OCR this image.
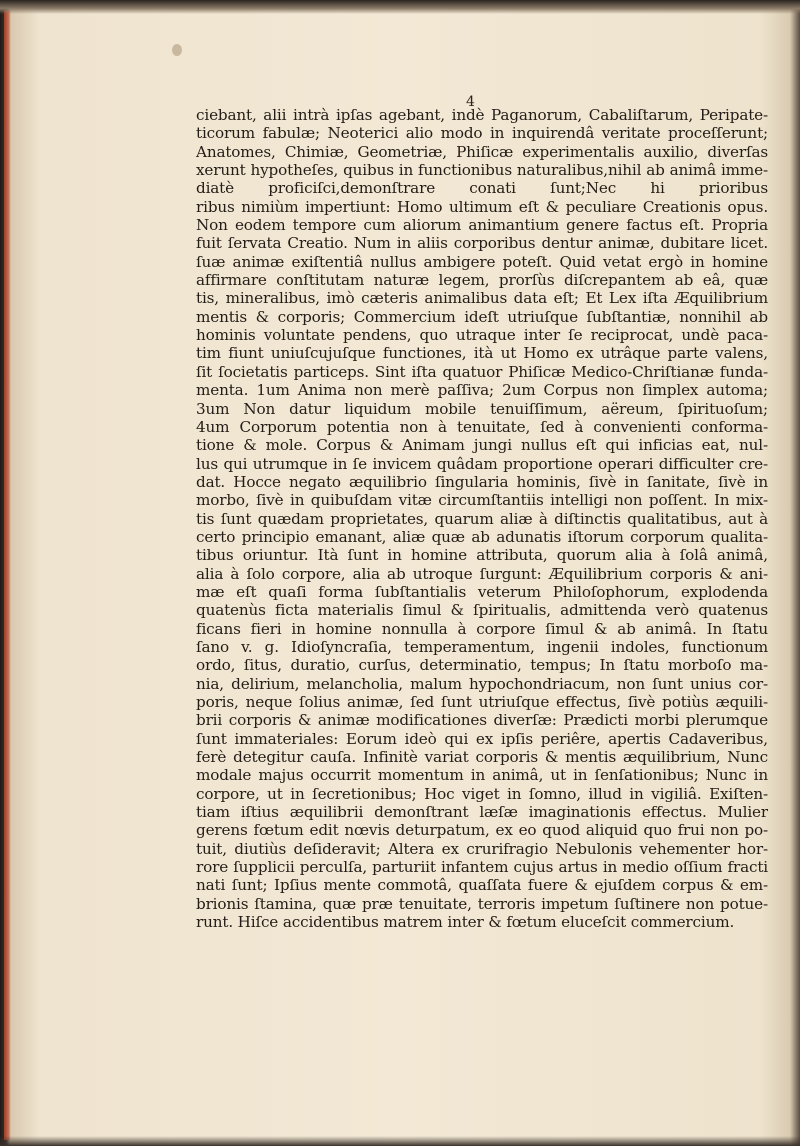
4
ciebant, alii intrà ipſas agebant, indè Paganorum, Cabaliſtarum, Peripate-
ticorum fabulæ; Neoterici alio modo in inquirendâ veritate proceſſerunt;
Anatomes, Chimiæ, Geometriæ, Phiſicæ experimentalis auxilio, diverſas
xerunt hypotheſes, quibus in functionibus naturalibus,nihil ab animâ imme-
diatè proficiſci,demonſtrare conati ſunt;Nec hi prioribus
ribus nimiùm impertiunt: Homo ultimum eſt & peculiare Creationis opus.
Non eodem tempore cum aliorum animantium genere factus eſt. Propria
fuit ſervata Creatio. Num in aliis corporibus dentur animæ, dubitare licet.
ſuæ animæ exiſtentiâ nullus ambigere poteſt. Quid vetat ergò in homine
affirmare conſtitutam naturæ legem, prorſùs diſcrepantem ab eâ, quæ
tis, mineralibus, imò cæteris animalibus data eſt; Et Lex iſta Æquilibrium
mentis & corporis; Commercium ideſt utriuſque ſubſtantiæ, nonnihil ab
hominis voluntate pendens, quo utraque inter ſe reciprocat, undè paca-
tim fiunt uniuſcujuſque functiones, ità ut Homo ex utrâque parte valens,
ſit ſocietatis particeps. Sint iſta quatuor Phiſicæ Medico-Chriſtianæ funda-
menta. 1um Anima non merè paſſiva; 2um Corpus non ſimplex automa;
3um Non datur liquidum mobile tenuiſſimum, aëreum, ſpirituoſum;
4um Corporum potentia non à tenuitate, ſed à convenienti conforma-
tione & mole. Corpus & Animam jungi nullus eſt qui inficias eat, nul-
lus qui utrumque in ſe invicem quâdam proportione operari difficulter cre-
dat. Hocce negato æquilibrio ſingularia hominis, ſivè in ſanitate, ſivè in
morbo, ſivè in quibuſdam vitæ circumſtantiis intelligi non poſſent. In mix-
tis ſunt quædam proprietates, quarum aliæ à diſtinctis qualitatibus, aut à
certo principio emanant, aliæ quæ ab adunatis iſtorum corporum qualita-
tibus oriuntur. Ità ſunt in homine attributa, quorum alia à ſolâ animâ,
alia à ſolo corpore, alia ab utroque ſurgunt: Æquilibrium corporis & ani-
mæ eſt quaſi forma ſubſtantialis veterum Philoſophorum, explodenda
quatenùs ficta materialis ſimul & ſpiritualis, admittenda verò quatenus
ficans fieri in homine nonnulla à corpore ſimul & ab animâ. In ſtatu
ſano v. g. Idioſyncraſia, temperamentum, ingenii indoles, functionum
ordo, ſitus, duratio, curſus, determinatio, tempus; In ſtatu morboſo ma-
nia, delirium, melancholia, malum hypochondriacum, non ſunt unius cor-
poris, neque ſolius animæ, ſed ſunt utriuſque effectus, ſivè potiùs æquili-
brii corporis & animæ modificationes diverſæ: Prædicti morbi plerumque
ſunt immateriales: Eorum ideò qui ex ipſis periêre, apertis Cadaveribus,
ferè detegitur cauſa. Infinitè variat corporis & mentis æquilibrium, Nunc
modale majus occurrit momentum in animâ, ut in ſenſationibus; Nunc in
corpore, ut in ſecretionibus; Hoc viget in ſomno, illud in vigiliâ. Exiſten-
tiam iſtius æquilibrii demonſtrant læſæ imaginationis effectus. Mulier
gerens fœtum edit nœvis deturpatum, ex eo quod aliquid quo frui non po-
tuit, diutiùs deſideravit; Altera ex crurifragio Nebulonis vehementer hor-
rore ſupplicii perculſa, parturiit infantem cujus artus in medio oſſium fracti
nati ſunt; Ipſius mente commotâ, quaſſata fuere & ejuſdem corpus & em-
brionis ſtamina, quæ præ tenuitate, terroris impetum ſuſtinere non potue-
runt. Hiſce accidentibus matrem inter & fœtum eluceſcit commercium.
